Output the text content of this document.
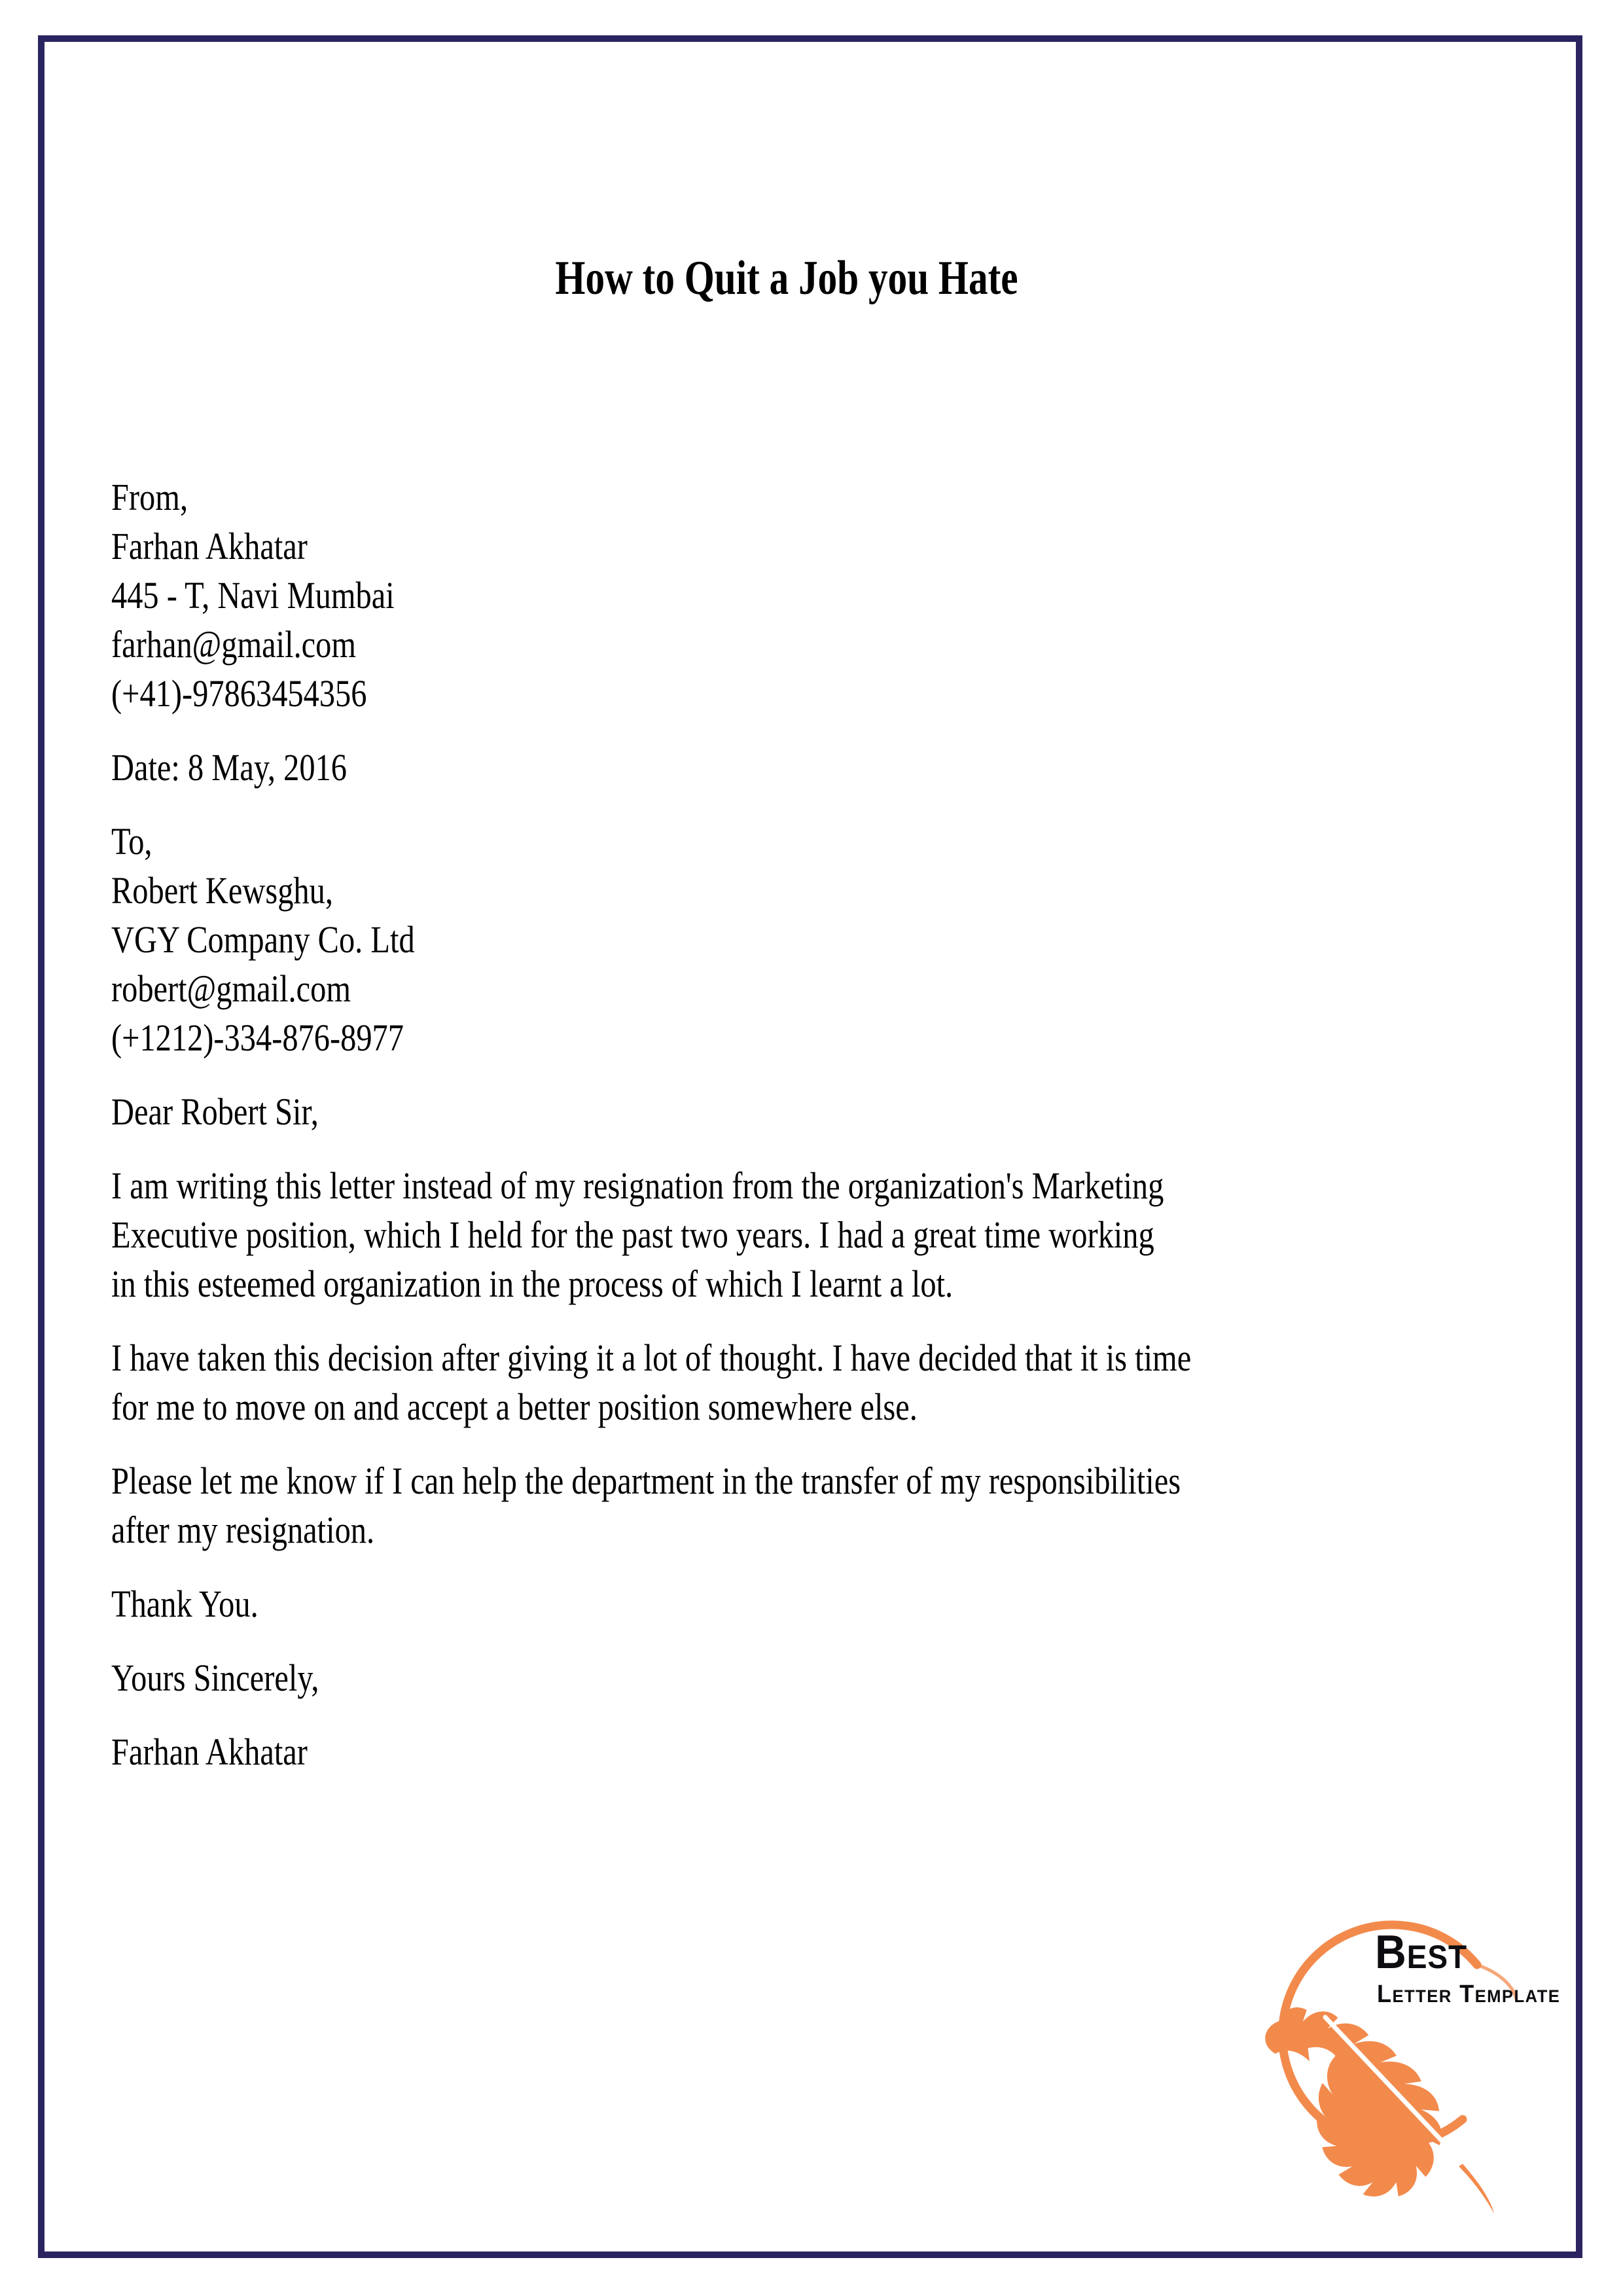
How to Quit a Job you Hate
From,
Farhan Akhatar
445 - T, Navi Mumbai
farhan@gmail.com
(+41)-97863454356
Date: 8 May, 2016
To,
Robert Kewsghu,
VGY Company Co. Ltd
robert@gmail.com
(+1212)-334-876-8977
Dear Robert Sir,
I am writing this letter instead of my resignation from the organization's Marketing
Executive position, which I held for the past two years. I had a great time working
in this esteemed organization in the process of which I learnt a lot.
I have taken this decision after giving it a lot of thought. I have decided that it is time
for me to move on and accept a better position somewhere else.
Please let me know if I can help the department in the transfer of my responsibilities
after my resignation.
Thank You.
Yours Sincerely,
Farhan Akhatar
Best
Letter Template
